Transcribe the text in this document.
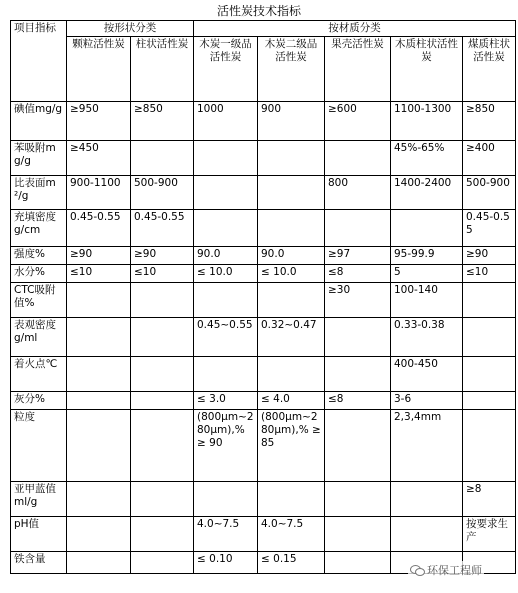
活性炭技术指标
项目指标	按形状分类		按材质分类				
	颗粒活性炭	柱状活性炭	木炭一级品活性炭	木炭二级品活性炭	果壳活性炭	木质柱状活性炭	煤质柱状活性炭
碘值mg/g	≥950	≥850	1000	900	≥600	1100-1300	≥850
苯吸附mg/g	≥450					45%-65%	≥400
比表面m²/g	900-1100	500-900			800	1400-2400	500-900
充填密度g/cm	0.45-0.55	0.45-0.55					0.45-0.55
强度%	≥90	≥90	90.0	90.0	≥97	95-99.9	≥90
水分%	≤10	≤10	≤ 10.0	≤ 10.0	≤8	5	≤10
CTC吸附值%					≥30	100-140	
表观密度g/ml			0.45~0.55	0.32~0.47		0.33-0.38	
着火点℃						400-450	
灰分%			≤ 3.0	≤ 4.0	≤8	3-6	
粒度			(800μm~280μm),% ≥ 90	(800μm~280μm),% ≥ 85		2,3,4mm	
亚甲蓝值ml/g							≥8
pH值			4.0~7.5	4.0~7.5			按要求生产
铁含量			≤ 0.10	≤ 0.15			
环保工程师
